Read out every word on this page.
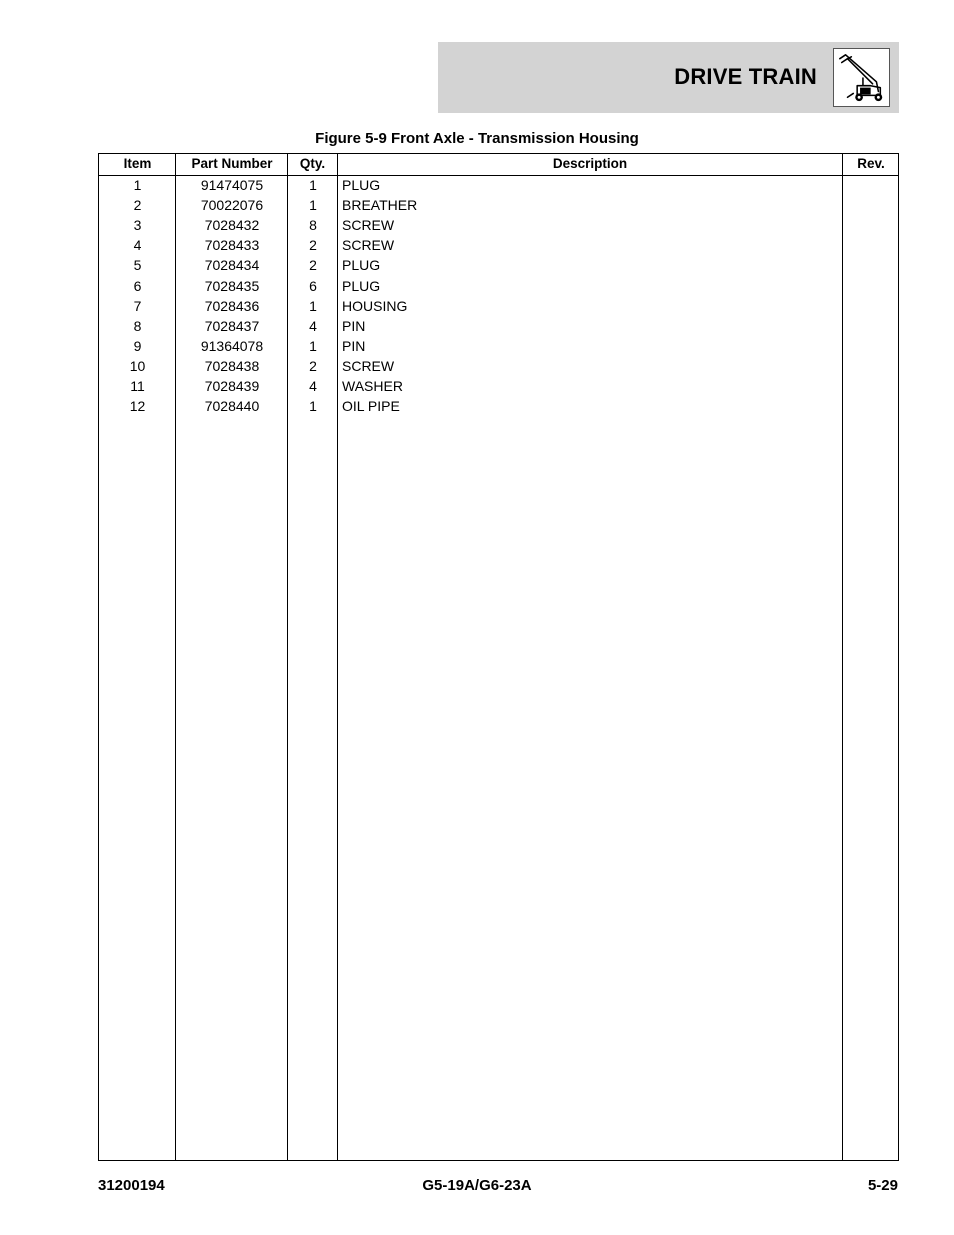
DRIVE TRAIN
Figure 5-9 Front Axle - Transmission Housing
Item	Part Number	Qty.	Description	Rev.
1	91474075	1	PLUG
2	70022076	1	BREATHER
3	7028432	8	SCREW
4	7028433	2	SCREW
5	7028434	2	PLUG
6	7028435	6	PLUG
7	7028436	1	HOUSING
8	7028437	4	PIN
9	91364078	1	PIN
10	7028438	2	SCREW
11	7028439	4	WASHER
12	7028440	1	OIL PIPE
31200194	G5-19A/G6-23A	5-29
